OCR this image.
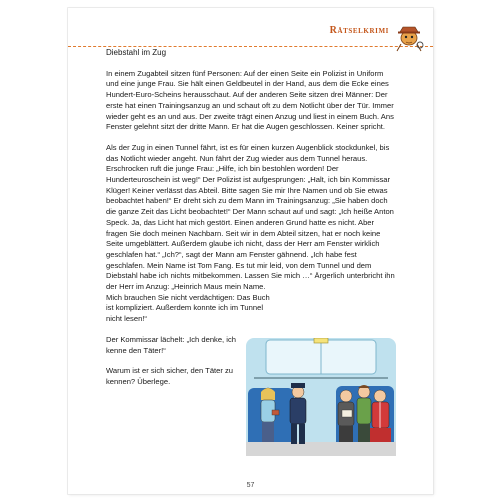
Rätselkrimi
Diebstahl im Zug

In einem Zugabteil sitzen fünf Personen: Auf der einen Seite ein Polizist in Uniform und eine junge Frau. Sie hält einen Geldbeutel in der Hand, aus dem die Ecke eines Hundert-Euro-Scheins herausschaut. Auf der anderen Seite sitzen drei Männer: Der erste hat einen Trainingsanzug an und schaut oft zu dem Notlicht über der Tür. Immer wieder geht es an und aus. Der zweite trägt einen Anzug und liest in einem Buch. Ans Fenster gelehnt sitzt der dritte Mann. Er hat die Augen geschlossen. Keiner spricht.

Als der Zug in einen Tunnel fährt, ist es für einen kurzen Augenblick stockdunkel, bis das Notlicht wieder angeht. Nun fährt der Zug wieder aus dem Tunnel heraus. Erschrocken ruft die junge Frau: „Hilfe, ich bin bestohlen worden! Der Hunderteuroschein ist weg!“ Der Polizist ist aufgesprungen: „Halt, ich bin Kommissar Klüger! Keiner verlässt das Abteil. Bitte sagen Sie mir Ihre Namen und ob Sie etwas beobachtet haben!“ Er dreht sich zu dem Mann im Trainingsanzug: „Sie haben doch die ganze Zeit das Licht beobachtet!“ Der Mann schaut auf und sagt: „Ich heiße Anton Speck. Ja, das Licht hat mich gestört. Einen anderen Grund hatte es nicht. Aber fragen Sie doch meinen Nachbarn. Seit wir in dem Abteil sitzen, hat er noch keine Seite umgeblättert. Außerdem glaube ich nicht, dass der Herr am Fenster wirklich geschlafen hat.“ „Ich?“, sagt der Mann am Fenster gähnend. „Ich habe fest geschlafen. Mein Name ist Tom Fang. Es tut mir leid, von dem Tunnel und dem Diebstahl habe ich nichts mitbekommen. Lassen Sie mich …“ Ärgerlich unterbricht ihn der Herr im Anzug: „Heinrich Maus mein Name.

Mich brauchen Sie nicht verdächtigen: Das Buch ist kompliziert. Außerdem konnte ich im Tunnel nicht lesen!“

Der Kommissar lächelt: „Ich denke, ich kenne den Täter!“

Warum ist er sich sicher, den Täter zu kennen? Überlege.

57
